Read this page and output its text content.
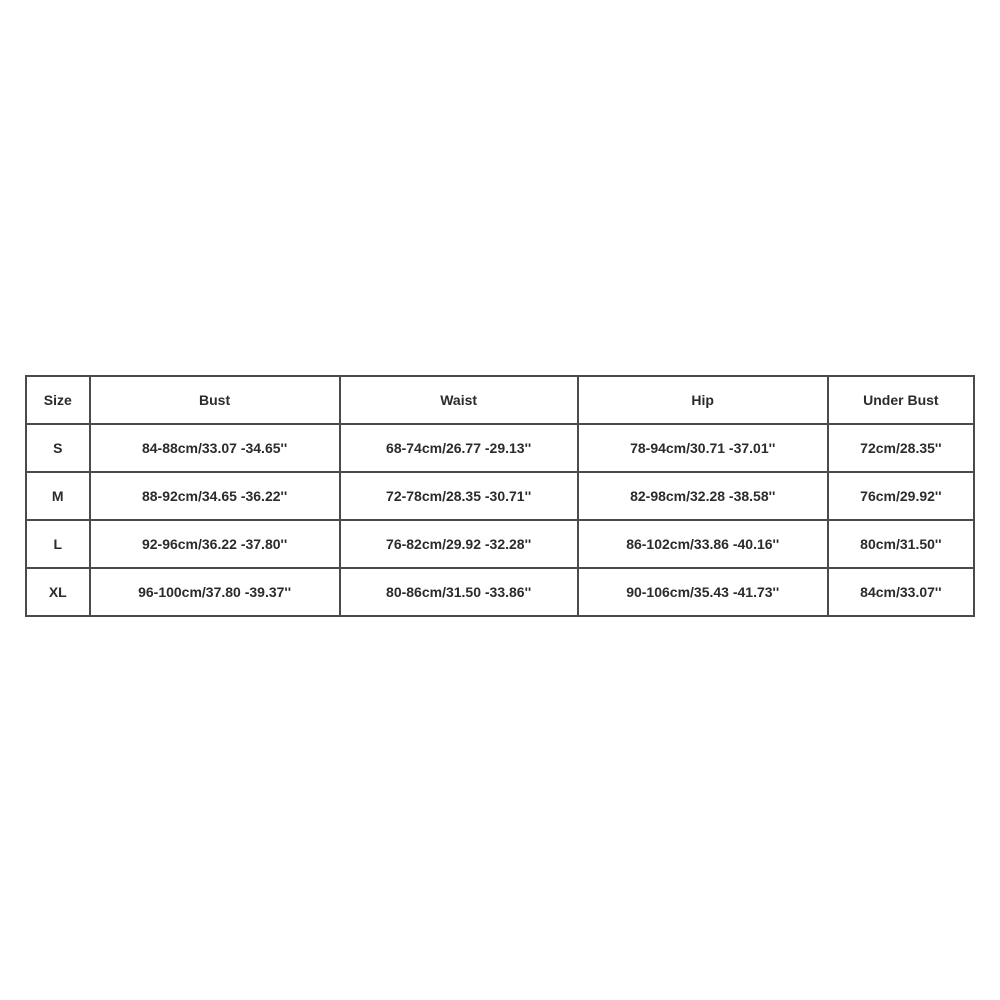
Size	Bust	Waist	Hip	Under Bust
S	84-88cm/33.07 -34.65''	68-74cm/26.77 -29.13''	78-94cm/30.71 -37.01''	72cm/28.35''
M	88-92cm/34.65 -36.22''	72-78cm/28.35 -30.71''	82-98cm/32.28 -38.58''	76cm/29.92''
L	92-96cm/36.22 -37.80''	76-82cm/29.92 -32.28''	86-102cm/33.86 -40.16''	80cm/31.50''
XL	96-100cm/37.80 -39.37''	80-86cm/31.50 -33.86''	90-106cm/35.43 -41.73''	84cm/33.07''
